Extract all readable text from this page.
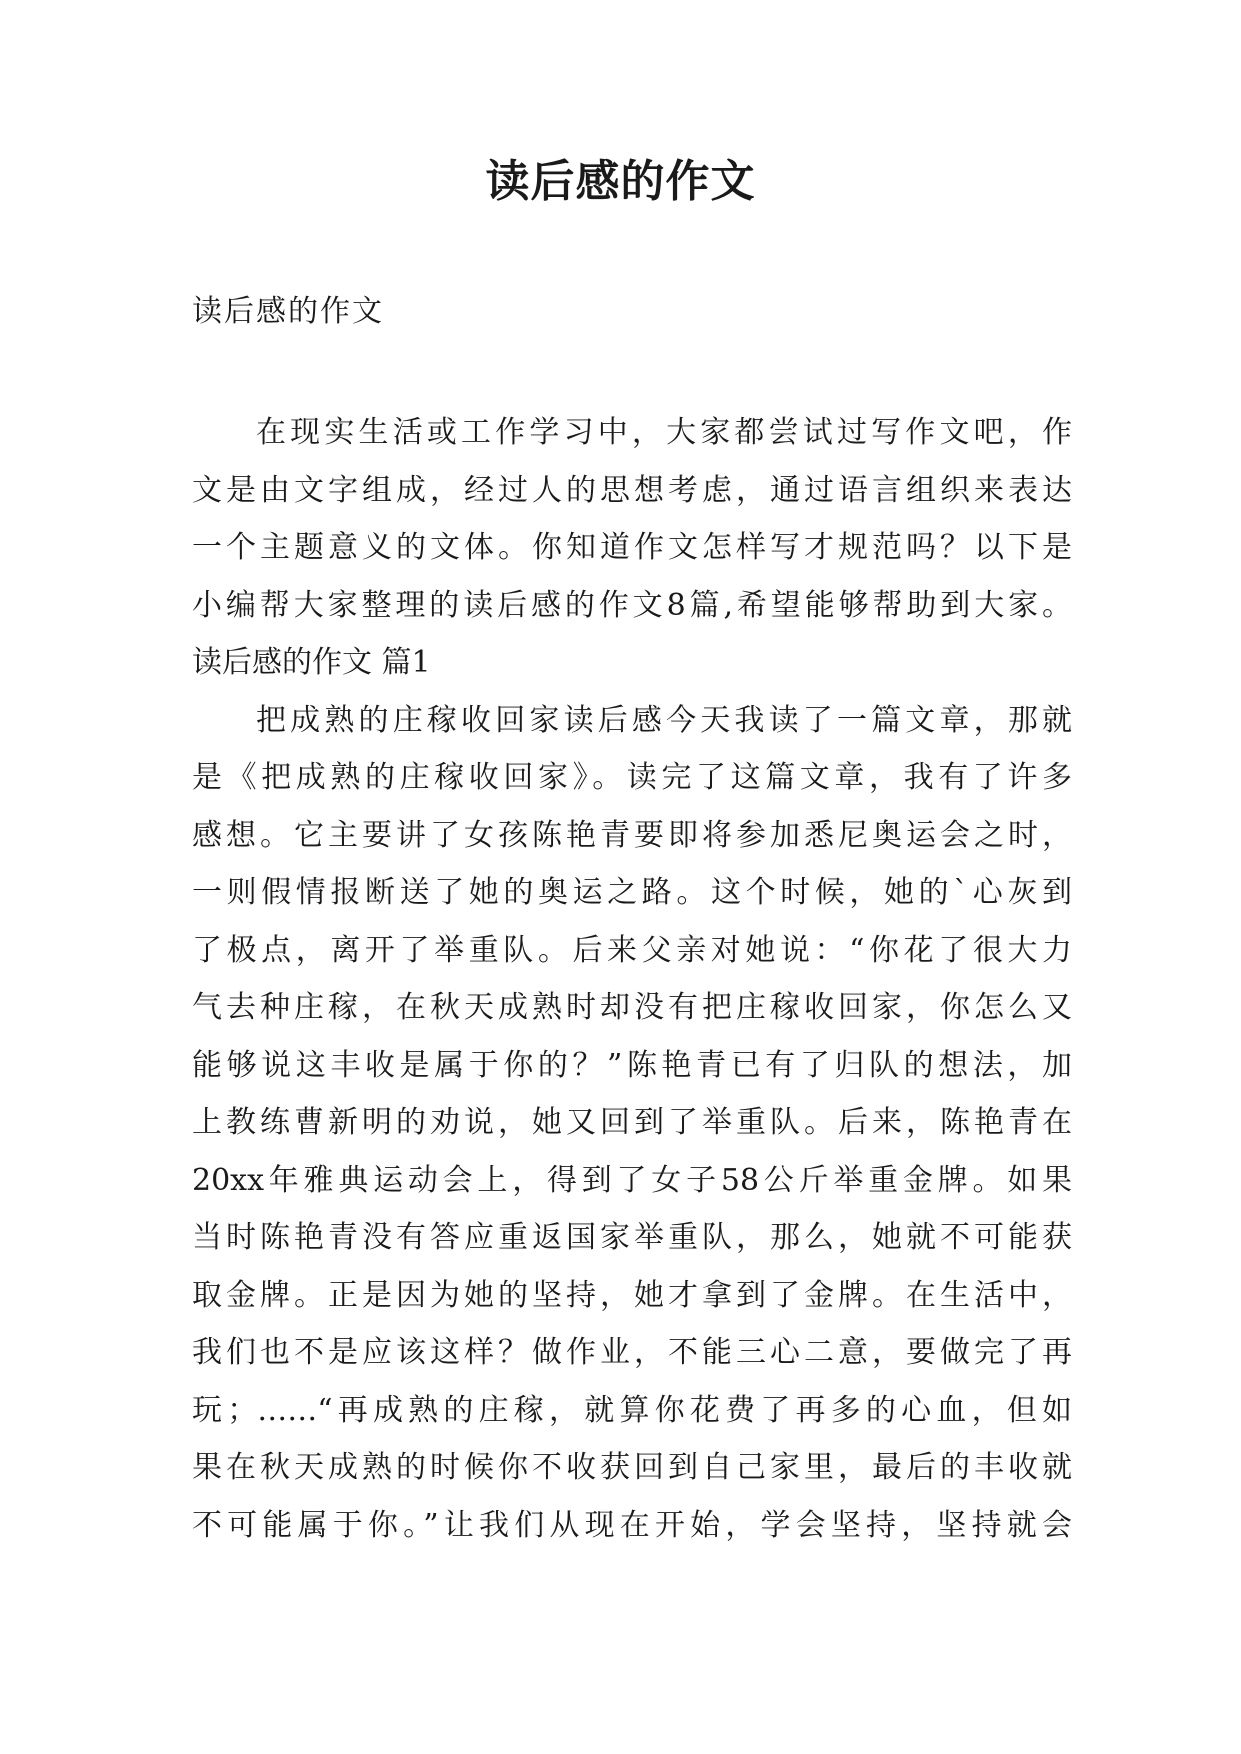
读后感的作文
读后感的作文
在现实生活或工作学习中，大家都尝试过写作文吧，作
文是由文字组成，经过人的思想考虑，通过语言组织来表达
一个主题意义的文体。你知道作文怎样写才规范吗？以下是
小编帮大家整理的读后感的作文8篇,希望能够帮助到大家。
读后感的作文 篇1
把成熟的庄稼收回家读后感今天我读了一篇文章，那就
是《把成熟的庄稼收回家》。读完了这篇文章，我有了许多
感想。它主要讲了女孩陈艳青要即将参加悉尼奥运会之时，
一则假情报断送了她的奥运之路。这个时候，她的`心灰到
了极点，离开了举重队。后来父亲对她说：“你花了很大力
气去种庄稼，在秋天成熟时却没有把庄稼收回家，你怎么又
能够说这丰收是属于你的？”陈艳青已有了归队的想法，加
上教练曹新明的劝说，她又回到了举重队。后来，陈艳青在
20xx年雅典运动会上，得到了女子58公斤举重金牌。如果
当时陈艳青没有答应重返国家举重队，那么，她就不可能获
取金牌。正是因为她的坚持，她才拿到了金牌。在生活中，
我们也不是应该这样？做作业，不能三心二意，要做完了再
玩；……“再成熟的庄稼，就算你花费了再多的心血，但如
果在秋天成熟的时候你不收获回到自己家里，最后的丰收就
不可能属于你。”让我们从现在开始，学会坚持，坚持就会
